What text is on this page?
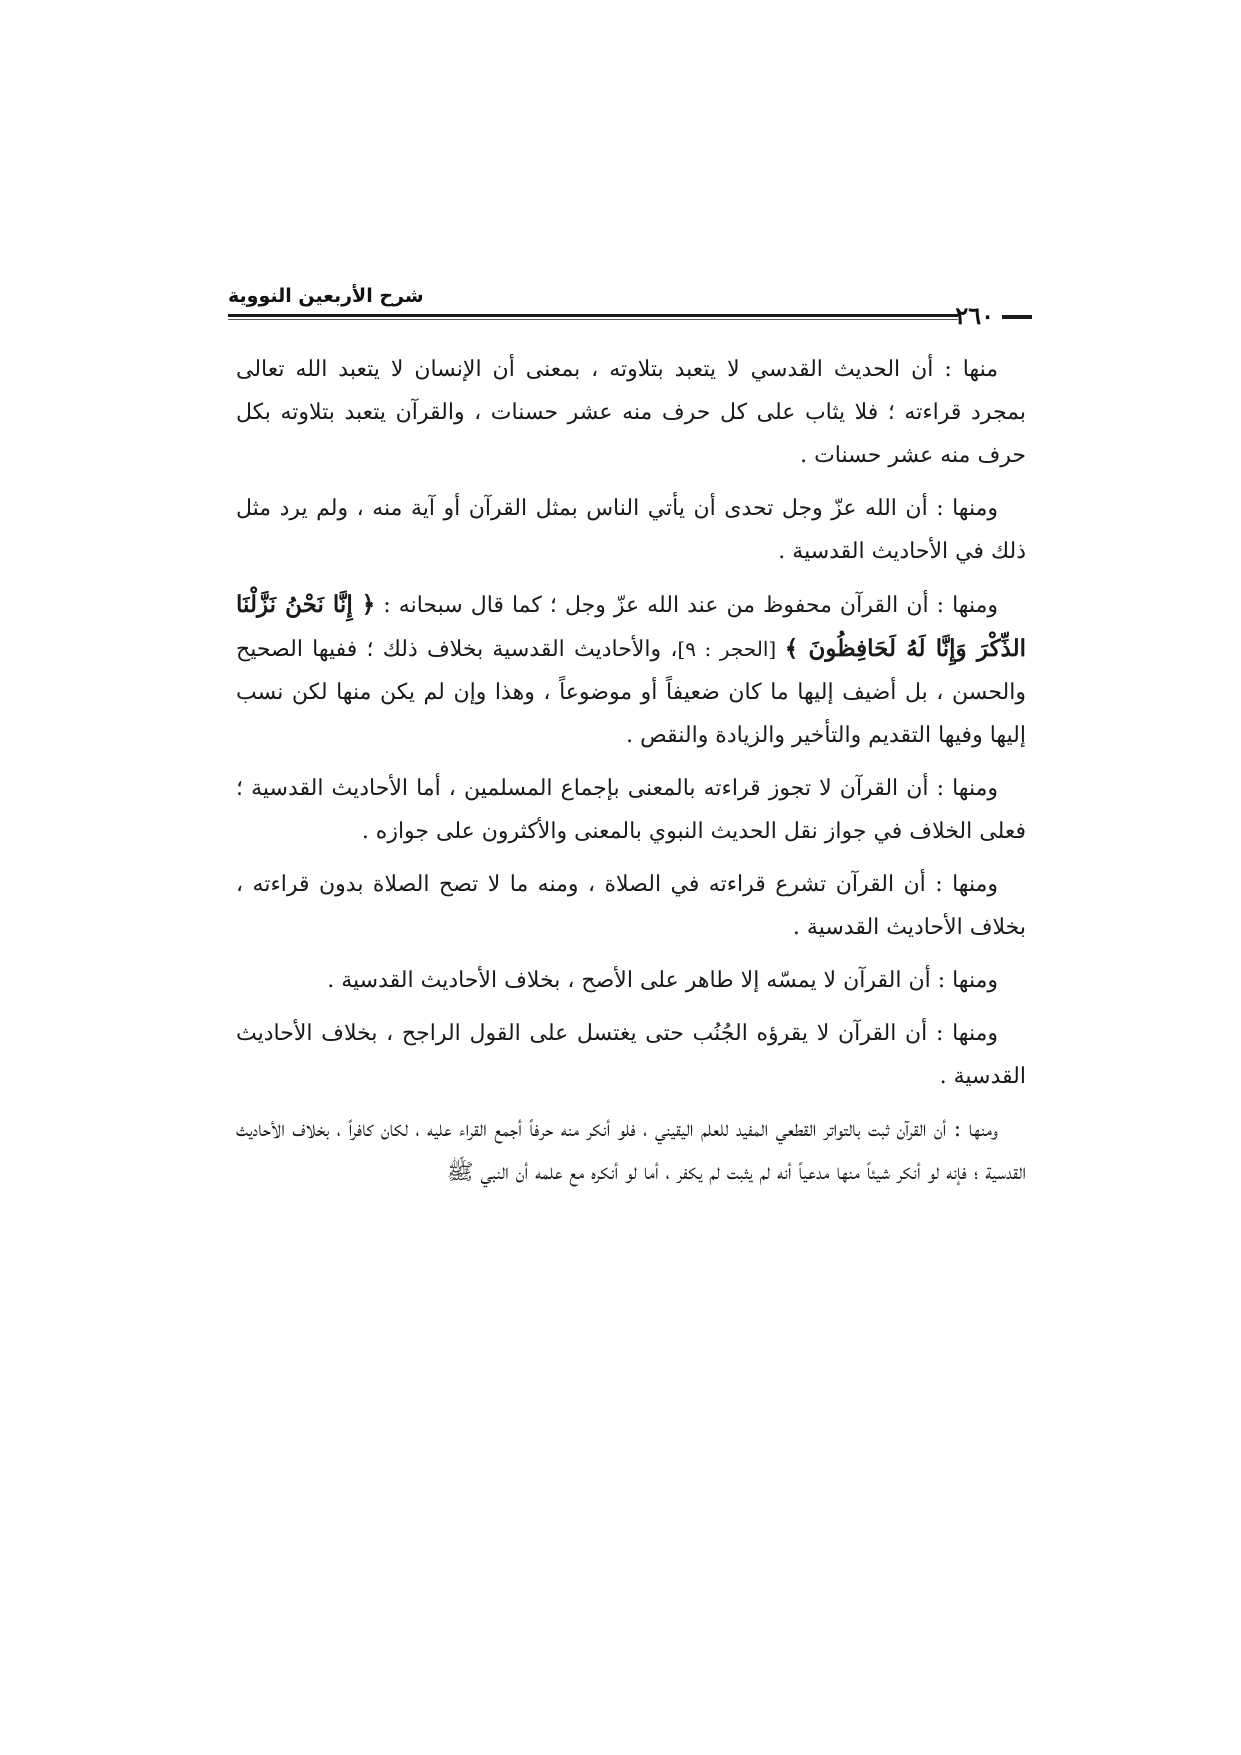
٢٦٠
شرح الأربعين النووية

منها : أن الحديث القدسي لا يتعبد بتلاوته ، بمعنى أن الإنسان لا يتعبد الله تعالى بمجرد قراءته ؛ فلا يثاب على كل حرف منه عشر حسنات ، والقرآن يتعبد بتلاوته بكل حرف منه عشر حسنات .

ومنها : أن الله عزّ وجل تحدى أن يأتي الناس بمثل القرآن أو آية منه ، ولم يرد مثل ذلك في الأحاديث القدسية .

ومنها : أن القرآن محفوظ من عند الله عزّ وجل ؛ كما قال سبحانه : ﴿ إِنَّا نَحْنُ نَزَّلْنَا الذِّكْرَ وَإِنَّا لَهُ لَحَافِظُونَ ﴾ [الحجر : ٩]، والأحاديث القدسية بخلاف ذلك ؛ ففيها الصحيح والحسن ، بل أضيف إليها ما كان ضعيفاً أو موضوعاً ، وهذا وإن لم يكن منها لكن نسب إليها وفيها التقديم والتأخير والزيادة والنقص .

ومنها : أن القرآن لا تجوز قراءته بالمعنى بإجماع المسلمين ، أما الأحاديث القدسية ؛ فعلى الخلاف في جواز نقل الحديث النبوي بالمعنى والأكثرون على جوازه .

ومنها : أن القرآن تشرع قراءته في الصلاة ، ومنه ما لا تصح الصلاة بدون قراءته ، بخلاف الأحاديث القدسية .

ومنها : أن القرآن لا يمسّه إلا طاهر على الأصح ، بخلاف الأحاديث القدسية .

ومنها : أن القرآن لا يقرؤه الجُنُب حتى يغتسل على القول الراجح ، بخلاف الأحاديث القدسية .

ومنها : أن القرآن ثبت بالتواتر القطعي المفيد للعلم اليقيني ، فلو أنكر منه حرفاً أجمع القراء عليه ، لكان كافراً ، بخلاف الأحاديث القدسية ؛ فإنه لو أنكر شيئاً منها مدعياً أنه لم يثبت لم يكفر ، أما لو أنكره مع علمه أن النبي ﷺ
